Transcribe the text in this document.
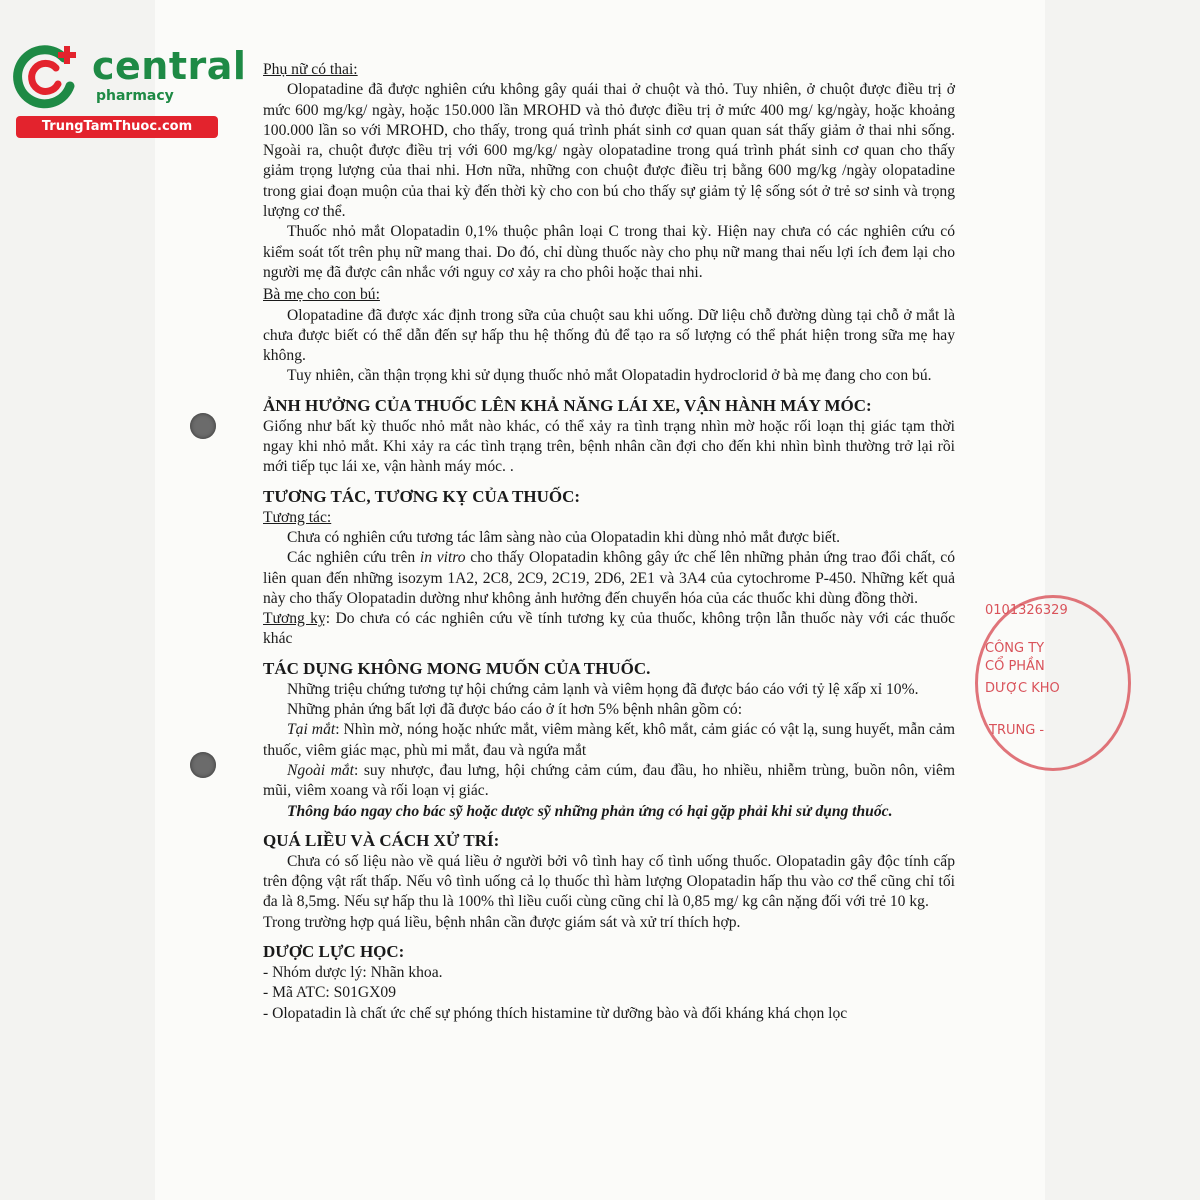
central
pharmacy
TrungTamThuoc.com
0101326329
CÔNG TY
CỔ PHẦN
DƯỢC KHO
TRUNG -

Phụ nữ có thai:

Olopatadine đã được nghiên cứu không gây quái thai ở chuột và thỏ. Tuy nhiên, ở chuột được điều trị ở mức 600 mg/kg/ ngày, hoặc 150.000 lần MROHD và thỏ được điều trị ở mức 400 mg/ kg/ngày, hoặc khoảng 100.000 lần so với MROHD, cho thấy, trong quá trình phát sinh cơ quan quan sát thấy giảm ở thai nhi sống. Ngoài ra, chuột được điều trị với 600 mg/kg/ ngày olopatadine trong quá trình phát sinh cơ quan cho thấy giảm trọng lượng của thai nhi. Hơn nữa, những con chuột được điều trị bằng 600 mg/kg /ngày olopatadine trong giai đoạn muộn của thai kỳ đến thời kỳ cho con bú cho thấy sự giảm tỷ lệ sống sót ở trẻ sơ sinh và trọng lượng cơ thể.

Thuốc nhỏ mắt Olopatadin 0,1% thuộc phân loại C trong thai kỳ. Hiện nay chưa có các nghiên cứu có kiểm soát tốt trên phụ nữ mang thai. Do đó, chỉ dùng thuốc này cho phụ nữ mang thai nếu lợi ích đem lại cho người mẹ đã được cân nhắc với nguy cơ xảy ra cho phôi hoặc thai nhi.

Bà mẹ cho con bú:

Olopatadine đã được xác định trong sữa của chuột sau khi uống. Dữ liệu chỗ đường dùng tại chỗ ở mắt là chưa được biết có thể dẫn đến sự hấp thu hệ thống đủ để tạo ra số lượng có thể phát hiện trong sữa mẹ hay không.

Tuy nhiên, cần thận trọng khi sử dụng thuốc nhỏ mắt Olopatadin hydroclorid ở bà mẹ đang cho con bú.

ẢNH HƯỞNG CỦA THUỐC LÊN KHẢ NĂNG LÁI XE, VẬN HÀNH MÁY MÓC:

Giống như bất kỳ thuốc nhỏ mắt nào khác, có thể xảy ra tình trạng nhìn mờ hoặc rối loạn thị giác tạm thời ngay khi nhỏ mắt. Khi xảy ra các tình trạng trên, bệnh nhân cần đợi cho đến khi nhìn bình thường trở lại rồi mới tiếp tục lái xe, vận hành máy móc. .

TƯƠNG TÁC, TƯƠNG KỴ CỦA THUỐC:

Tương tác:

Chưa có nghiên cứu tương tác lâm sàng nào của Olopatadin khi dùng nhỏ mắt được biết.

Các nghiên cứu trên in vitro cho thấy Olopatadin không gây ức chế lên những phản ứng trao đổi chất, có liên quan đến những isozym 1A2, 2C8, 2C9, 2C19, 2D6, 2E1 và 3A4 của cytochrome P-450. Những kết quả này cho thấy Olopatadin dường như không ảnh hưởng đến chuyển hóa của các thuốc khi dùng đồng thời.

Tương kỵ: Do chưa có các nghiên cứu về tính tương kỵ của thuốc, không trộn lẫn thuốc này với các thuốc khác

TÁC DỤNG KHÔNG MONG MUỐN CỦA THUỐC.

Những triệu chứng tương tự hội chứng cảm lạnh và viêm họng đã được báo cáo với tỷ lệ xấp xỉ 10%.

Những phản ứng bất lợi đã được báo cáo ở ít hơn 5% bệnh nhân gồm có:

Tại mắt: Nhìn mờ, nóng hoặc nhức mắt, viêm màng kết, khô mắt, cảm giác có vật lạ, sung huyết, mẫn cảm thuốc, viêm giác mạc, phù mi mắt, đau và ngứa mắt

Ngoài mắt: suy nhược, đau lưng, hội chứng cảm cúm, đau đầu, ho nhiều, nhiễm trùng, buồn nôn, viêm mũi, viêm xoang và rối loạn vị giác.

Thông báo ngay cho bác sỹ hoặc dược sỹ những phản ứng có hại gặp phải khi sử dụng thuốc.

QUÁ LIỀU VÀ CÁCH XỬ TRÍ:

Chưa có số liệu nào về quá liều ở người bởi vô tình hay cố tình uống thuốc. Olopatadin gây độc tính cấp trên động vật rất thấp. Nếu vô tình uống cả lọ thuốc thì hàm lượng Olopatadin hấp thu vào cơ thể cũng chỉ tối đa là 8,5mg. Nếu sự hấp thu là 100% thì liều cuối cùng cũng chỉ là 0,85 mg/ kg cân nặng đối với trẻ 10 kg.

Trong trường hợp quá liều, bệnh nhân cần được giám sát và xử trí thích hợp.

DƯỢC LỰC HỌC:

- Nhóm dược lý: Nhãn khoa.

- Mã ATC: S01GX09

- Olopatadin là chất ức chế sự phóng thích histamine từ dưỡng bào và đối kháng khá chọn lọc
